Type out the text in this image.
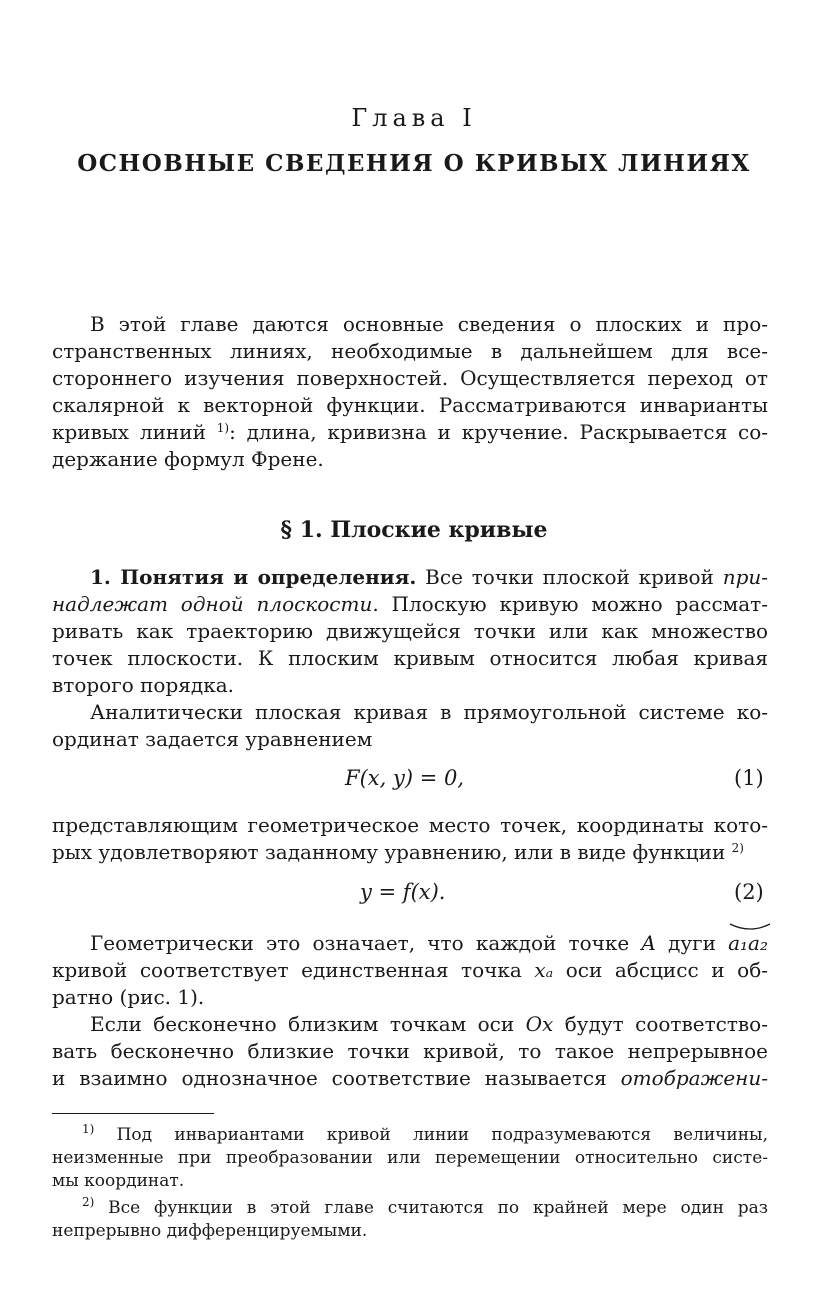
Глава I
ОСНОВНЫЕ СВЕДЕНИЯ О КРИВЫХ ЛИНИЯХ
В этой главе даются основные сведения о плоских и про-
странственных линиях, необходимые в дальнейшем для все-
стороннего изучения поверхностей. Осуществляется переход от
скалярной к векторной функции. Рассматриваются инварианты
кривых линий $^{1)}$: длина, кривизна и кручение. Раскрывается со-
держание формул Френе.
§ 1. Плоские кривые
1. Понятия и определения. Все точки плоской кривой при-
надлежат одной плоскости. Плоскую кривую можно рассмат-
ривать как траекторию движущейся точки или как множество
точек плоскости. К плоским кривым относится любая кривая
второго порядка.
Аналитически плоская кривая в прямоугольной системе ко-
ординат задается уравнением
F(x, y) = 0,	(1)
представляющим геометрическое место точек, координаты кото-
рых удовлетворяют заданному уравнению, или в виде функции $^{2)}$
y = f(x).	(2)
Геометрически это означает, что каждой точке A дуги
a₁a₂
кривой соответствует единственная точка xₐ оси абсцисс и об-
ратно (рис. 1).
Если бесконечно близким точкам оси Ox будут соответство-
вать бесконечно близкие точки кривой, то такое непрерывное
и взаимно однозначное соответствие называется отображени-
$^{1)}$ Под инвариантами кривой линии подразумеваются величины,
неизменные при преобразовании или перемещении относительно систе-
мы координат.
$^{2)}$ Все функции в этой главе считаются по крайней мере один раз
непрерывно дифференцируемыми.
